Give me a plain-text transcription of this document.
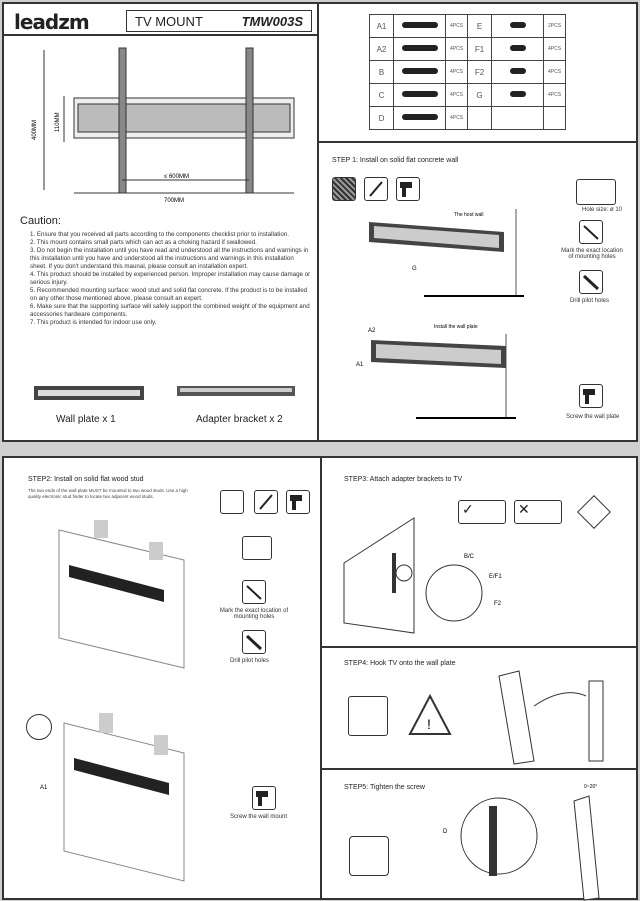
leadzm	TV MOUNT	TMW003S
400MM	110MM
≤ 600MM
700MM
Caution:
1. Ensure that you received all parts according to the components checklist prior to installation.
2. This mount contains small parts which can act as a choking hazard if swallowed.
3. Do not begin the installation until you have read and understood all the instructions and warnings in this installation until you have and understood all the instructions and warnings in this installation sheet. If you don't understand this maunal, please consult an installation expert.
4. This product should be installed by experienced person. Improper installation may cause damage or serious injury.
5. Recommended mounting surface: wood stud and solid flat concrete. If the product is to be installed on any other those mentioned above, please consult an expert.
6. Make sure that the supporting surface will safely support the combined weight of the equipment and accessories hardware components.
7. This product is intended for indoor use only.
Wall plate x 1	Adapter bracket x 2
A1		4PCS	E		2PCS
A2		4PCS	F1		4PCS
B		4PCS	F2		4PCS
C		4PCS	G		4PCS
D		4PCS			
STEP 1: Install on solid flat concrete wall
The host wall
G
Install the wall plate
A2
A1
Hole size: ø 10
Mark the exact location of mounting holes
Drill pilot holes
Screw the wall plate
STEP2: Install on solid flat wood stud
The two ends of the wall plate MUST be mounted to two wood studs. Use a high quality electronic stud finder to locate two adjacent wood studs.
Mark the exact location of mounting holes
Drill pilot holes
A1
Screw the wall mount
STEP3: Attach adapter brackets to TV
✓	✕
B/C
E/F1
F2
STEP4: Hook TV onto the wall plate
!
STEP5: Tighten the screw
D
0~20°
